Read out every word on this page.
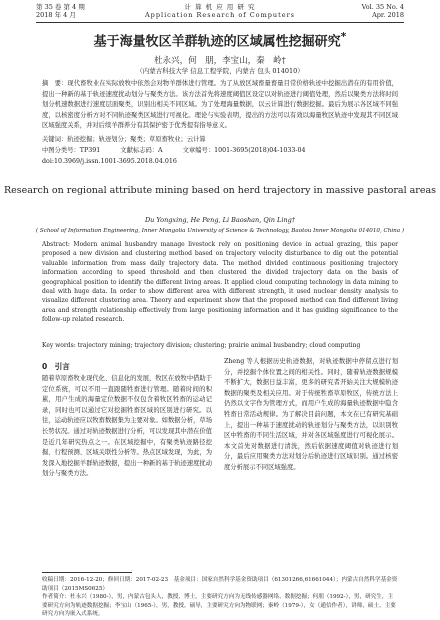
第 35 卷 第 4 期
2018 年 4 月
计 算 机 应 用 研 究
Application Research of Computers
Vol. 35 No. 4
Apr. 2018
基于海量牧区羊群轨迹的区域属性挖掘研究*
杜永兴，何　朋，李宝山，秦　岭†
（内蒙古科技大学 信息工程学院，内蒙古 包头 014010）
摘　要：现代畜牧业在实际放牧中依然会对物羊群体进行管理。为了从放区域畜量畜量目常价格轨迹中挖掘出潜在的有用价值，提出一种新的基于轨迹速度扰动划分与聚类方法。该方法首先将速度阈值区设定以对轨迹进行阈值处理，然后以聚类方法将时间划分机速数据进行速度层面聚类，识别出相关不同区域。为了处理海量数据，以云计算进行数据挖掘。最后为展示各区域不同强度，以核密度分析方对不同轨迹聚类区域进行可视化。理论与实验表明，提出的方法可以有效以海量牧区轨迹中发现其不同区域区域强度关系，并对后续羊群养分有其保护密于优秀提有指导意义。
关键词：轨迹挖掘；轨迹划分；聚类；草原畜牧业；云计算
中图分类号：TP391	文献标志码：A	文章编号：1001-3695(2018)04-1033-04
doi:10.3969/j.issn.1001-3695.2018.04.016
Research on regional attribute mining based on herd trajectory in massive pastoral areas
Du Yongxing, He Peng, Li Baoshan, Qin Ling†
( School of Information Engineering, Inner Mongolia University of Science & Technology, Baotou Inner Mongolia 014010, China )
Abstract: Modern animal husbandry manage livestock rely on positioning device in actual grazing, this paper proposed a new division and clustering method based on trajectory velocity disturbance to dig out the potential valuable information from mass daily trajectory data. The method divided continuous positioning trajectory information according to speed threshold and then clustered the divided trajectory data on the basis of geographical position to identify the different living areas. It applied cloud computing technology in data mining to deal with huge data. In order to show different area with different strength, it used nuclear density analysis to visualize different clustering area. Theory and experiment show that the proposed method can find different living area and strength relationship effectively from large positioning information and it has guiding significance to the follow-up related research.
Key words: trajectory mining; trajectory division; clustering; prairie animal husbandry; cloud computing
0　引言
随着草原畜牧业现代化、信息化的发展，牧区在放牧中借助于定位系统，可以不用一直跟随牲畜进行管理。随着时间的积累，用户生成的海量定位数据不仅包含着牧区牲畜的运动记录，同时也可以通过它对挖掘牲畜区域的区别进行研究。以往，运动轨迹应以牧畜数据集为主要对象。如数据分析，草场长势状况。通过对轨迹数据进行分析，可以发现其中潜在价值是近几年研究热点之一。在区域挖掘中，有聚类轨迹路径挖掘、行程预测、区域关联性分析等。热点区域发现，为此，为发深入地挖掘羊群轨迹数据，提出一种新的基于轨迹速度扰动划分与聚类方法。
Zheng 等人根据历史轨迹数据，对轨迹数据中停留点进行划分，并挖掘个体位置之间的相关性。同时，随着轨迹数据规模不断扩大，数据日益丰富，更多的研究者开始关注大规模轨迹数据的聚类及相关应用。对于传统牲畜草原牧区，传统方法上仍然以文字作为管理方式，而用户生成的海量轨迹数据中隐含牲畜日常活动规律。为了解决目前问题，本文在已有研究基础上，提出一种基于速度扰动的轨迹划分与聚类方法，以识别牧区中牲畜的不同生活区域，并对各区域强度进行可视化展示。本文首先对数据进行清洗，然后依据速度阈值对轨迹进行划分，最后应用聚类方法对划分后轨迹进行区域识别。通过核密度分析展示不同区域强度。
收稿日期：2016-12-20；修回日期：2017-02-23　基金项目：国家自然科学基金资助项目（61301266,61661044）；内蒙古自然科学基金资助项目（2015MS0625）
作者简介：杜永兴（1980-），男，内蒙古包头人，教授，博士，主要研究方向为无线传感器网络、数据挖掘；何朋（1992-），男，研究生，主要研究方向为轨迹数据挖掘；李宝山（1965-），男，教授，硕导，主要研究方向为物联网；秦岭（1979-），女（通信作者），讲师，硕士，主要研究方向为嵌入式系统。
